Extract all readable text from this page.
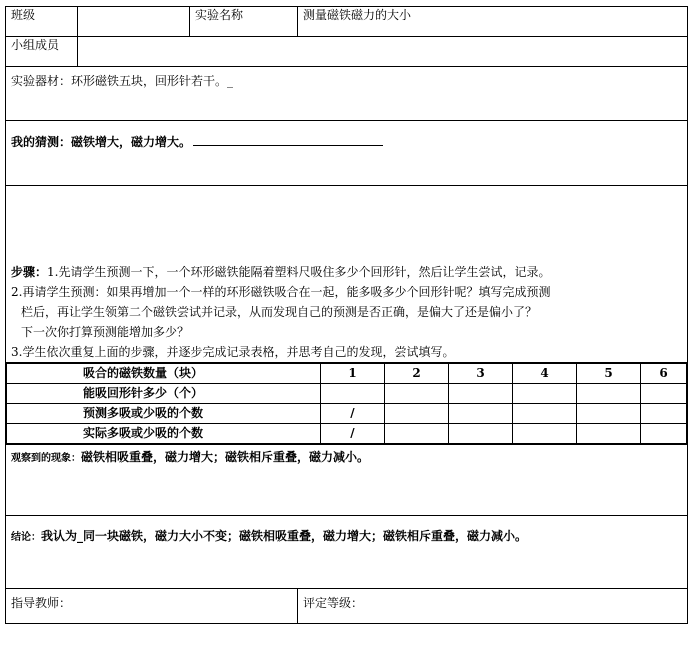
班级		实验名称	测量磁铁磁力的大小
小组成员	
实验器材：环形磁铁五块，回形针若干。_
我的猜测：磁铁增大，磁力增大。

步骤：1.先请学生预测一下，一个环形磁铁能隔着塑料尺吸住多少个回形针，然后让学生尝试，记录。

2.再请学生预测：如果再增加一个一样的环形磁铁吸合在一起，能多吸多少个回形针呢？填写完成预测

栏后，再让学生领第二个磁铁尝试并记录，从而发现自己的预测是否正确，是偏大了还是偏小了？

下一次你打算预测能增加多少？

3.学生依次重复上面的步骤，并逐步完成记录表格，并思考自己的发现，尝试填写。

吸合的磁铁数量（块）	1	2	3	4	5	6
能吸回形针多少（个）						
预测多吸或少吸的个数	/					
实际多吸或少吸的个数	/					

观察到的现象：磁铁相吸重叠，磁力增大；磁铁相斥重叠，磁力减小。
结论：我认为_同一块磁铁，磁力大小不变；磁铁相吸重叠，磁力增大；磁铁相斥重叠，磁力减小。
指导教师：	评定等级：
